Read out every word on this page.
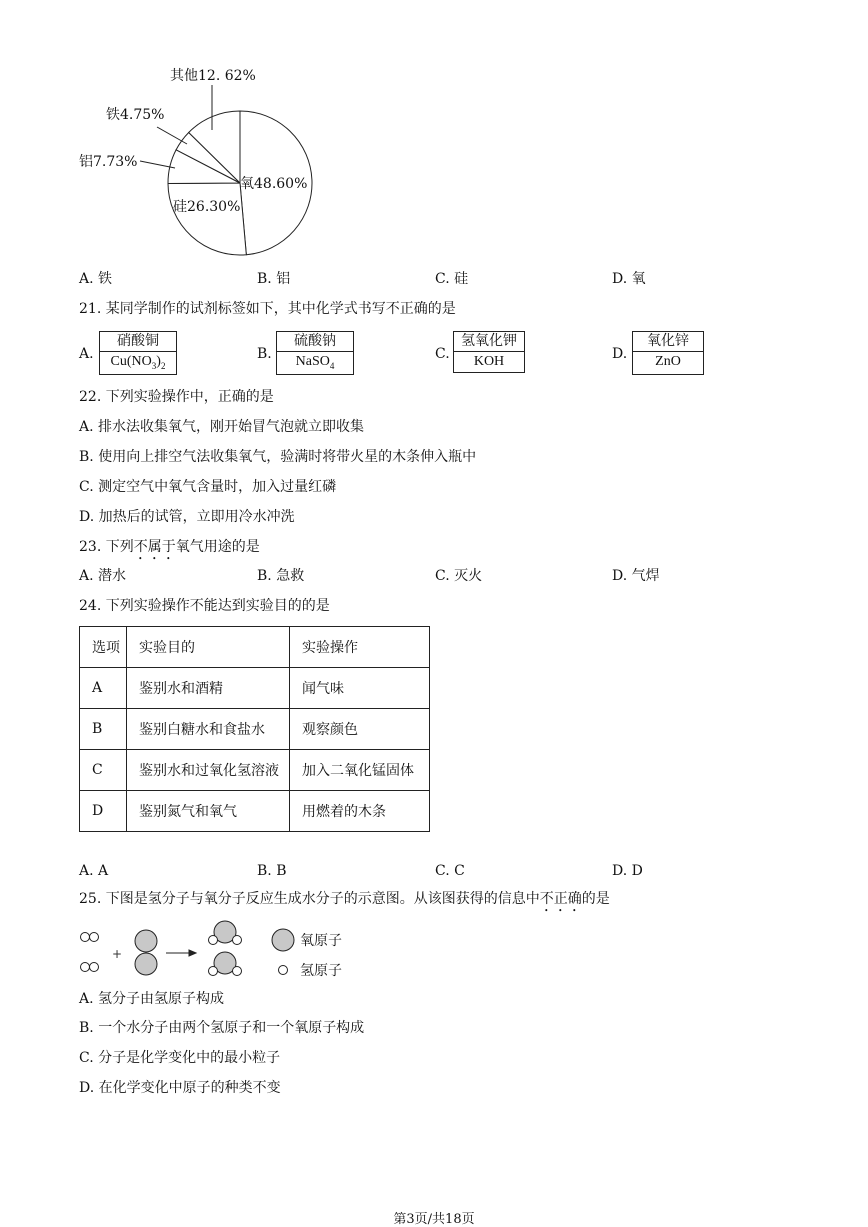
其他12. 62%
铁4.75%
铝7.73%
氧48.60%
硅26.30%
A. 铁	B. 铝	C. 硅	D. 氧
21. 某同学制作的试剂标签如下，其中化学式书写不正确的是
A.
硝酸铜
$Cu(NO_3)_2$
B.
硫酸钠
NaSO$_4$
C.
氢氧化钾
KOH	D.
氧化锌
ZnO
22. 下列实验操作中，正确的是
A. 排水法收集氧气，刚开始冒气泡就立即收集
B. 使用向上排空气法收集氧气，验满时将带火星的木条伸入瓶中
C. 测定空气中氧气含量时，加入过量红磷
D. 加热后的试管，立即用冷水冲洗
23. 下列不属于氧气用途的是
A. 潜水	B. 急救	C. 灭火	D. 气焊
24. 下列实验操作不能达到实验目的的是
选项	实验目的	实验操作
A	鉴别水和酒精	闻气味
B	鉴别白糖水和食盐水	观察颜色
C	鉴别水和过氧化氢溶液	加入二氧化锰固体
D	鉴别氮气和氧气	用燃着的木条
A. A	B. B	C. C	D. D
25. 下图是氢分子与氧分子反应生成水分子的示意图。从该图获得的信息中不正确的是
+
氧原子
氢原子
A. 氢分子由氢原子构成
B. 一个水分子由两个氢原子和一个氧原子构成
C. 分子是化学变化中的最小粒子
D. 在化学变化中原子的种类不变
第3页/共18页
